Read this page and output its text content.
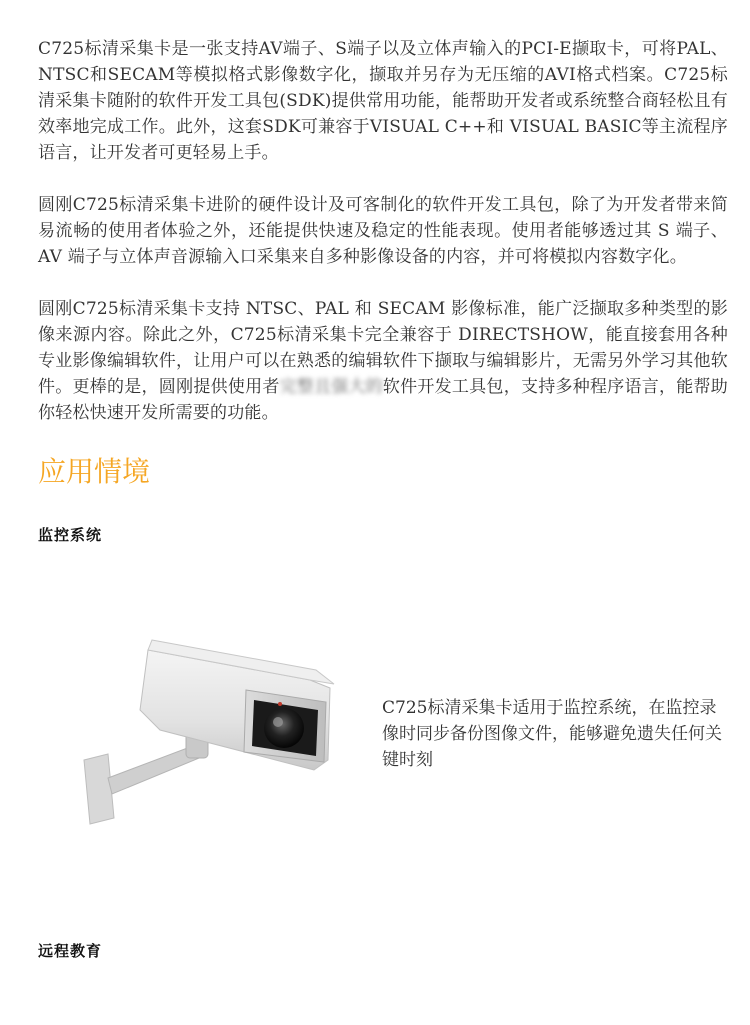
C725标清采集卡是一张支持AV端子、S端子以及立体声输入的PCI-E撷取卡，可将PAL、NTSC和SECAM等模拟格式影像数字化，撷取并另存为无压缩的AVI格式档案。C725标清采集卡随附的软件开发工具包(SDK)提供常用功能，能帮助开发者或系统整合商轻松且有效率地完成工作。此外，这套SDK可兼容于VISUAL C++和 VISUAL BASIC等主流程序语言，让开发者可更轻易上手。

圆刚C725标清采集卡进阶的硬件设计及可客制化的软件开发工具包，除了为开发者带来简易流畅的使用者体验之外，还能提供快速及稳定的性能表现。使用者能够透过其 S 端子、AV 端子与立体声音源输入口采集来自多种影像设备的内容，并可将模拟内容数字化。

圆刚C725标清采集卡支持 NTSC、PAL 和 SECAM 影像标准，能广泛撷取多种类型的影像来源内容。除此之外，C725标清采集卡完全兼容于 DIRECTSHOW，能直接套用各种专业影像编辑软件，让用户可以在熟悉的编辑软件下撷取与编辑影片，无需另外学习其他软件。更棒的是，圆刚提供使用者完整且强大的软件开发工具包，支持多种程序语言，能帮助你轻松快速开发所需要的功能。

应用情境
监控系统
C725标清采集卡适用于监控系统，在监控录像时同步备份图像文件，能够避免遗失任何关键时刻
远程教育
